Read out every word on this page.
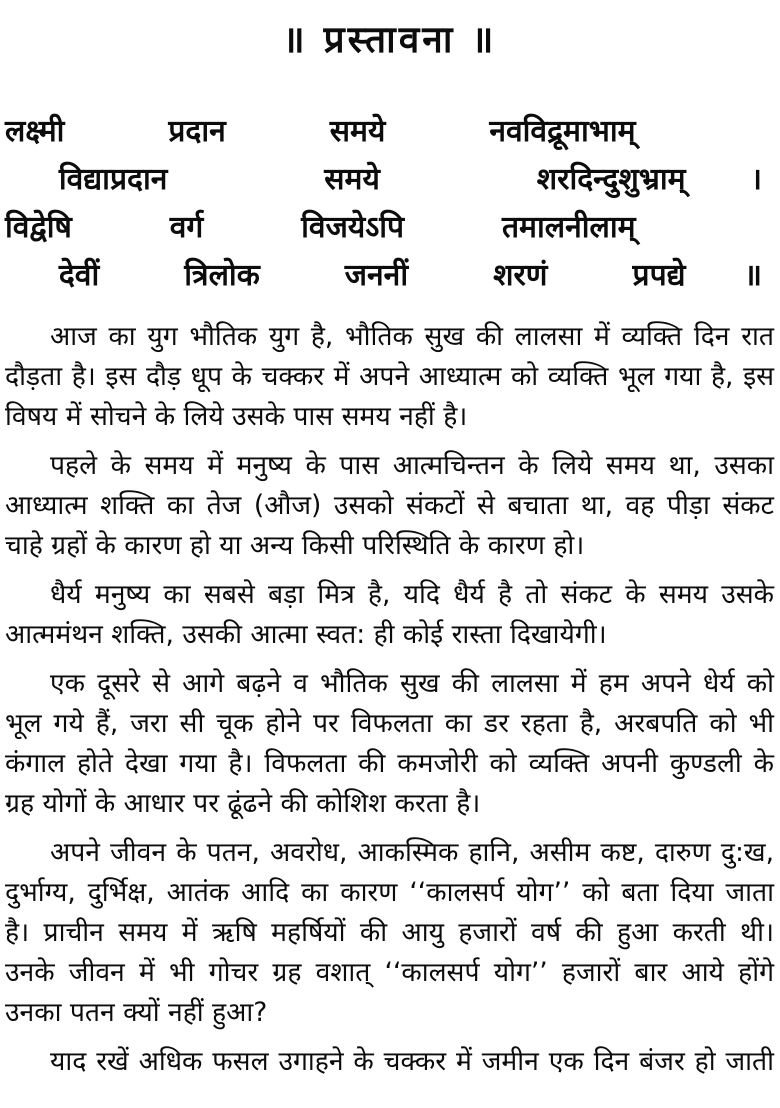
॥ प्रस्तावना ॥
लक्ष्मी	प्रदान	समये	नवविद्रूमाभाम्
विद्याप्रदान	समये	शरदिन्दुशुभ्राम् ।
विद्वेषि	वर्ग	विजयेऽपि	तमालनीलाम्
देवीं	त्रिलोक	जननीं	शरणं	प्रपद्ये ॥
आज का युग भौतिक युग है, भौतिक सुख की लालसा में व्यक्ति दिन रात
दौड़ता है। इस दौड़ धूप के चक्कर में अपने आध्यात्म को व्यक्ति भूल गया है, इस
विषय में सोचने के लिये उसके पास समय नहीं है।
पहले के समय में मनुष्य के पास आत्मचिन्तन के लिये समय था, उसका
आध्यात्म शक्ति का तेज (औज) उसको संकटों से बचाता था, वह पीड़ा संकट
चाहे ग्रहों के कारण हो या अन्य किसी परिस्थिति के कारण हो।
धैर्य मनुष्य का सबसे बड़ा मित्र है, यदि धैर्य है तो संकट के समय उसके
आत्ममंथन शक्ति, उसकी आत्मा स्वत: ही कोई रास्ता दिखायेगी।
एक दूसरे से आगे बढ़ने व भौतिक सुख की लालसा में हम अपने धेर्य को
भूल गये हैं, जरा सी चूक होने पर विफलता का डर रहता है, अरबपति को भी
कंगाल होते देखा गया है। विफलता की कमजोरी को व्यक्ति अपनी कुण्डली के
ग्रह योगों के आधार पर ढूंढने की कोशिश करता है।
अपने जीवन के पतन, अवरोध, आकस्मिक हानि, असीम कष्ट, दारुण दु:ख,
दुर्भाग्य, दुर्भिक्ष, आतंक आदि का कारण ‘‘कालसर्प योग’’ को बता दिया जाता
है। प्राचीन समय में ऋषि महर्षियों की आयु हजारों वर्ष की हुआ करती थी।
उनके जीवन में भी गोचर ग्रह वशात् ‘‘कालसर्प योग’’ हजारों बार आये होंगे
उनका पतन क्यों नहीं हुआ?
याद रखें अधिक फसल उगाहने के चक्कर में जमीन एक दिन बंजर हो जाती
